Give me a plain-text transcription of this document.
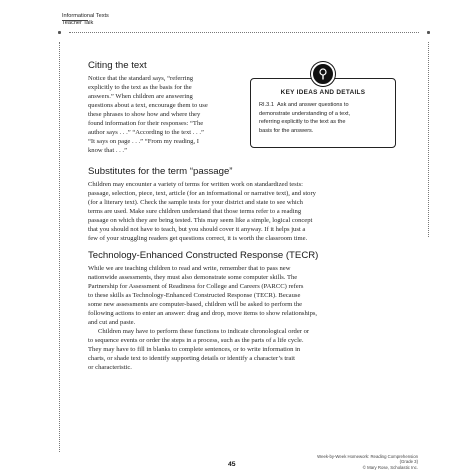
Informational Texts
Teacher Talk
Citing the text

Notice that the standard says, “referring

explicitly to the text as the basis for the

answers.” When children are answering

questions about a text, encourage them to use

these phrases to show how and where they

found information for their responses: “The

author says . . .” “According to the text . . .”

“It says on page . . .” “From my reading, I

know that . . .”

KEY IDEAS AND DETAILS
RI.3.1 Ask and answer questions to
demonstrate understanding of a text,
referring explicitly to the text as the
basis for the answers.
Substitutes for the term “passage”

Children may encounter a variety of terms for written work on standardized tests:

passage, selection, piece, text, article (for an informational or narrative text), and story

(for a literary text). Check the sample tests for your district and state to see which

terms are used. Make sure children understand that those terms refer to a reading

passage on which they are being tested. This may seem like a simple, logical concept

that you should not have to teach, but you should cover it anyway. If it helps just a

few of your struggling readers get questions correct, it is worth the classroom time.

Technology-Enhanced Constructed Response (TECR)

While we are teaching children to read and write, remember that to pass new

nationwide assessments, they must also demonstrate some computer skills. The

Partnership for Assessment of Readiness for College and Careers (PARCC) refers

to these skills as Technology-Enhanced Constructed Response (TECR). Because

some new assessments are computer-based, children will be asked to perform the

following actions to enter an answer: drag and drop, move items to show relationships,

and cut and paste.

Children may have to perform these functions to indicate chronological order or

to sequence events or order the steps in a process, such as the parts of a life cycle.

They may have to fill in blanks to complete sentences, or to write information in

charts, or shade text to identify supporting details or identify a character’s trait

or characteristic.

45
Week-by-Week Homework: Reading Comprehension (Grade 3)
© Mary Rose, Scholastic Inc.
